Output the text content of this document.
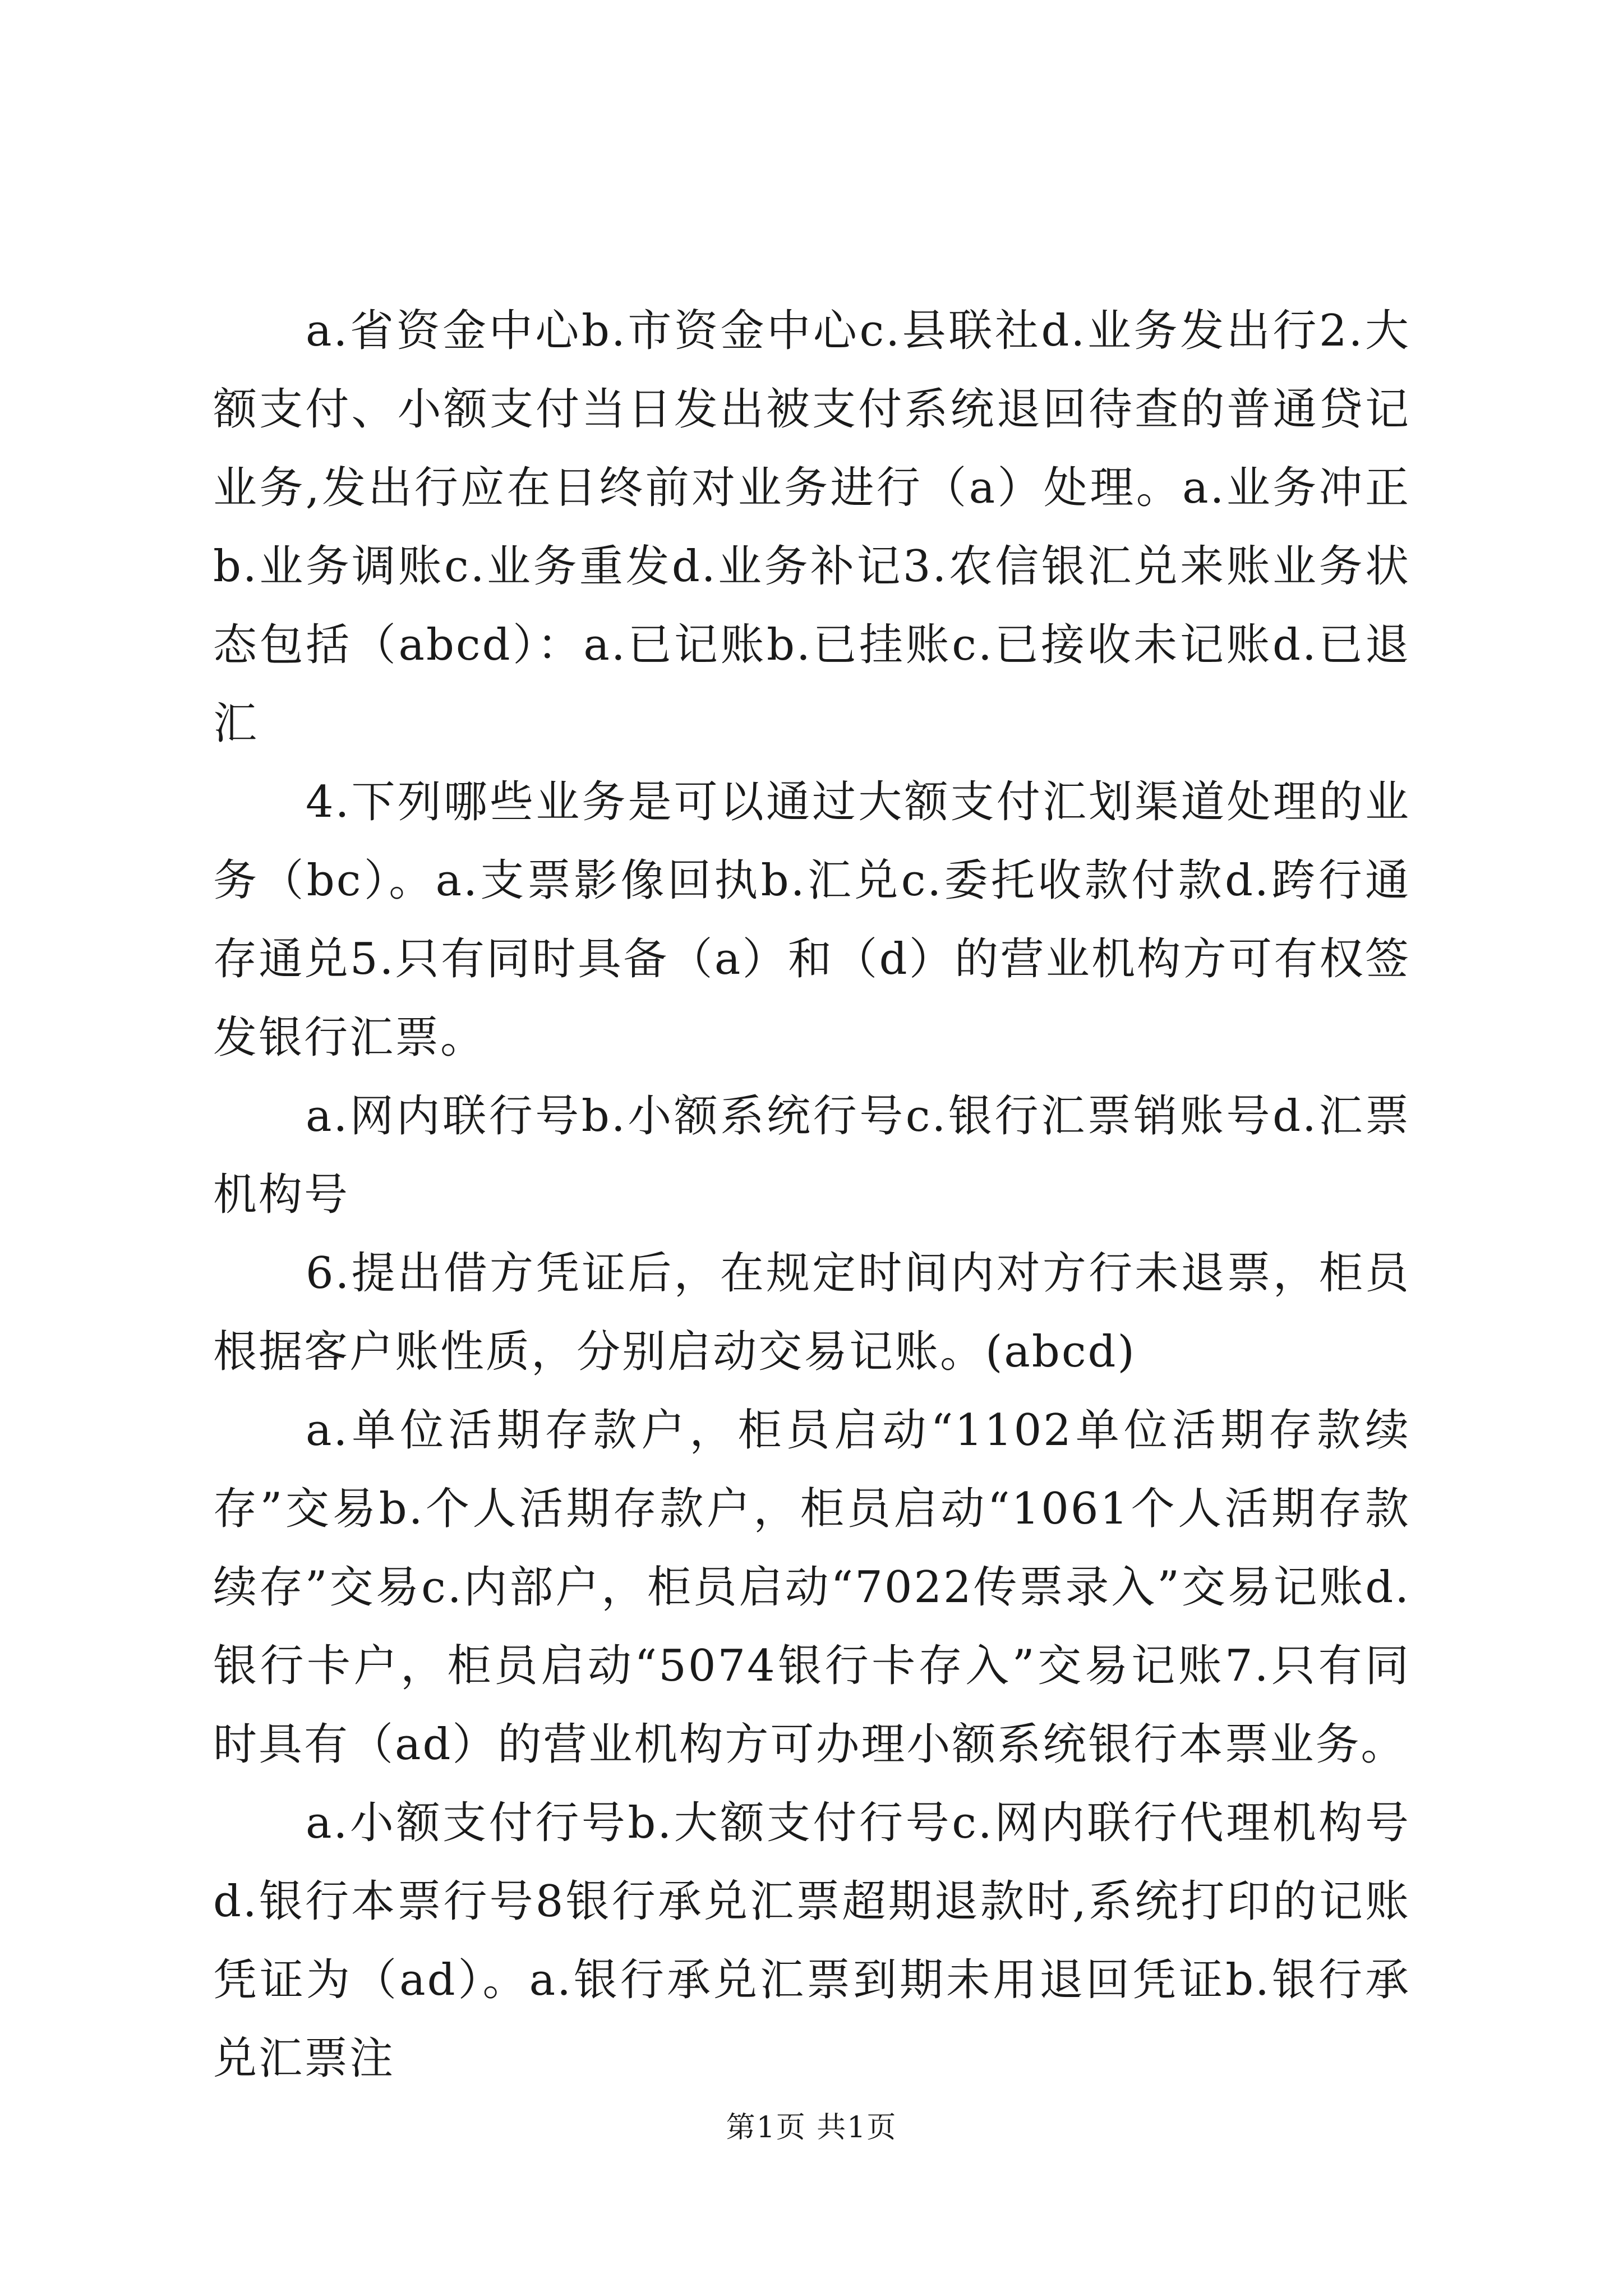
a.省资金中心b.市资金中心c.县联社d.业务发出行2.大额支付、小额支付当日发出被支付系统退回待查的普通贷记业务,发出行应在日终前对业务进行（a）处理。a.业务冲正b.业务调账c.业务重发d.业务补记3.农信银汇兑来账业务状态包括（abcd）：a.已记账b.已挂账c.已接收未记账d.已退汇

4.下列哪些业务是可以通过大额支付汇划渠道处理的业务（bc）。a.支票影像回执b.汇兑c.委托收款付款d.跨行通存通兑5.只有同时具备（a）和（d）的营业机构方可有权签发银行汇票。

a.网内联行号b.小额系统行号c.银行汇票销账号d.汇票机构号

6.提出借方凭证后，在规定时间内对方行未退票，柜员根据客户账性质，分别启动交易记账。(abcd)

a.单位活期存款户，柜员启动“1102单位活期存款续存”交易b.个人活期存款户，柜员启动“1061个人活期存款续存”交易c.内部户，柜员启动“7022传票录入”交易记账d.银行卡户，柜员启动“5074银行卡存入”交易记账7.只有同时具有（ad）的营业机构方可办理小额系统银行本票业务。

a.小额支付行号b.大额支付行号c.网内联行代理机构号d.银行本票行号8银行承兑汇票超期退款时,系统打印的记账凭证为（ad）。a.银行承兑汇票到期未用退回凭证b.银行承兑汇票注

第1页 共1页
